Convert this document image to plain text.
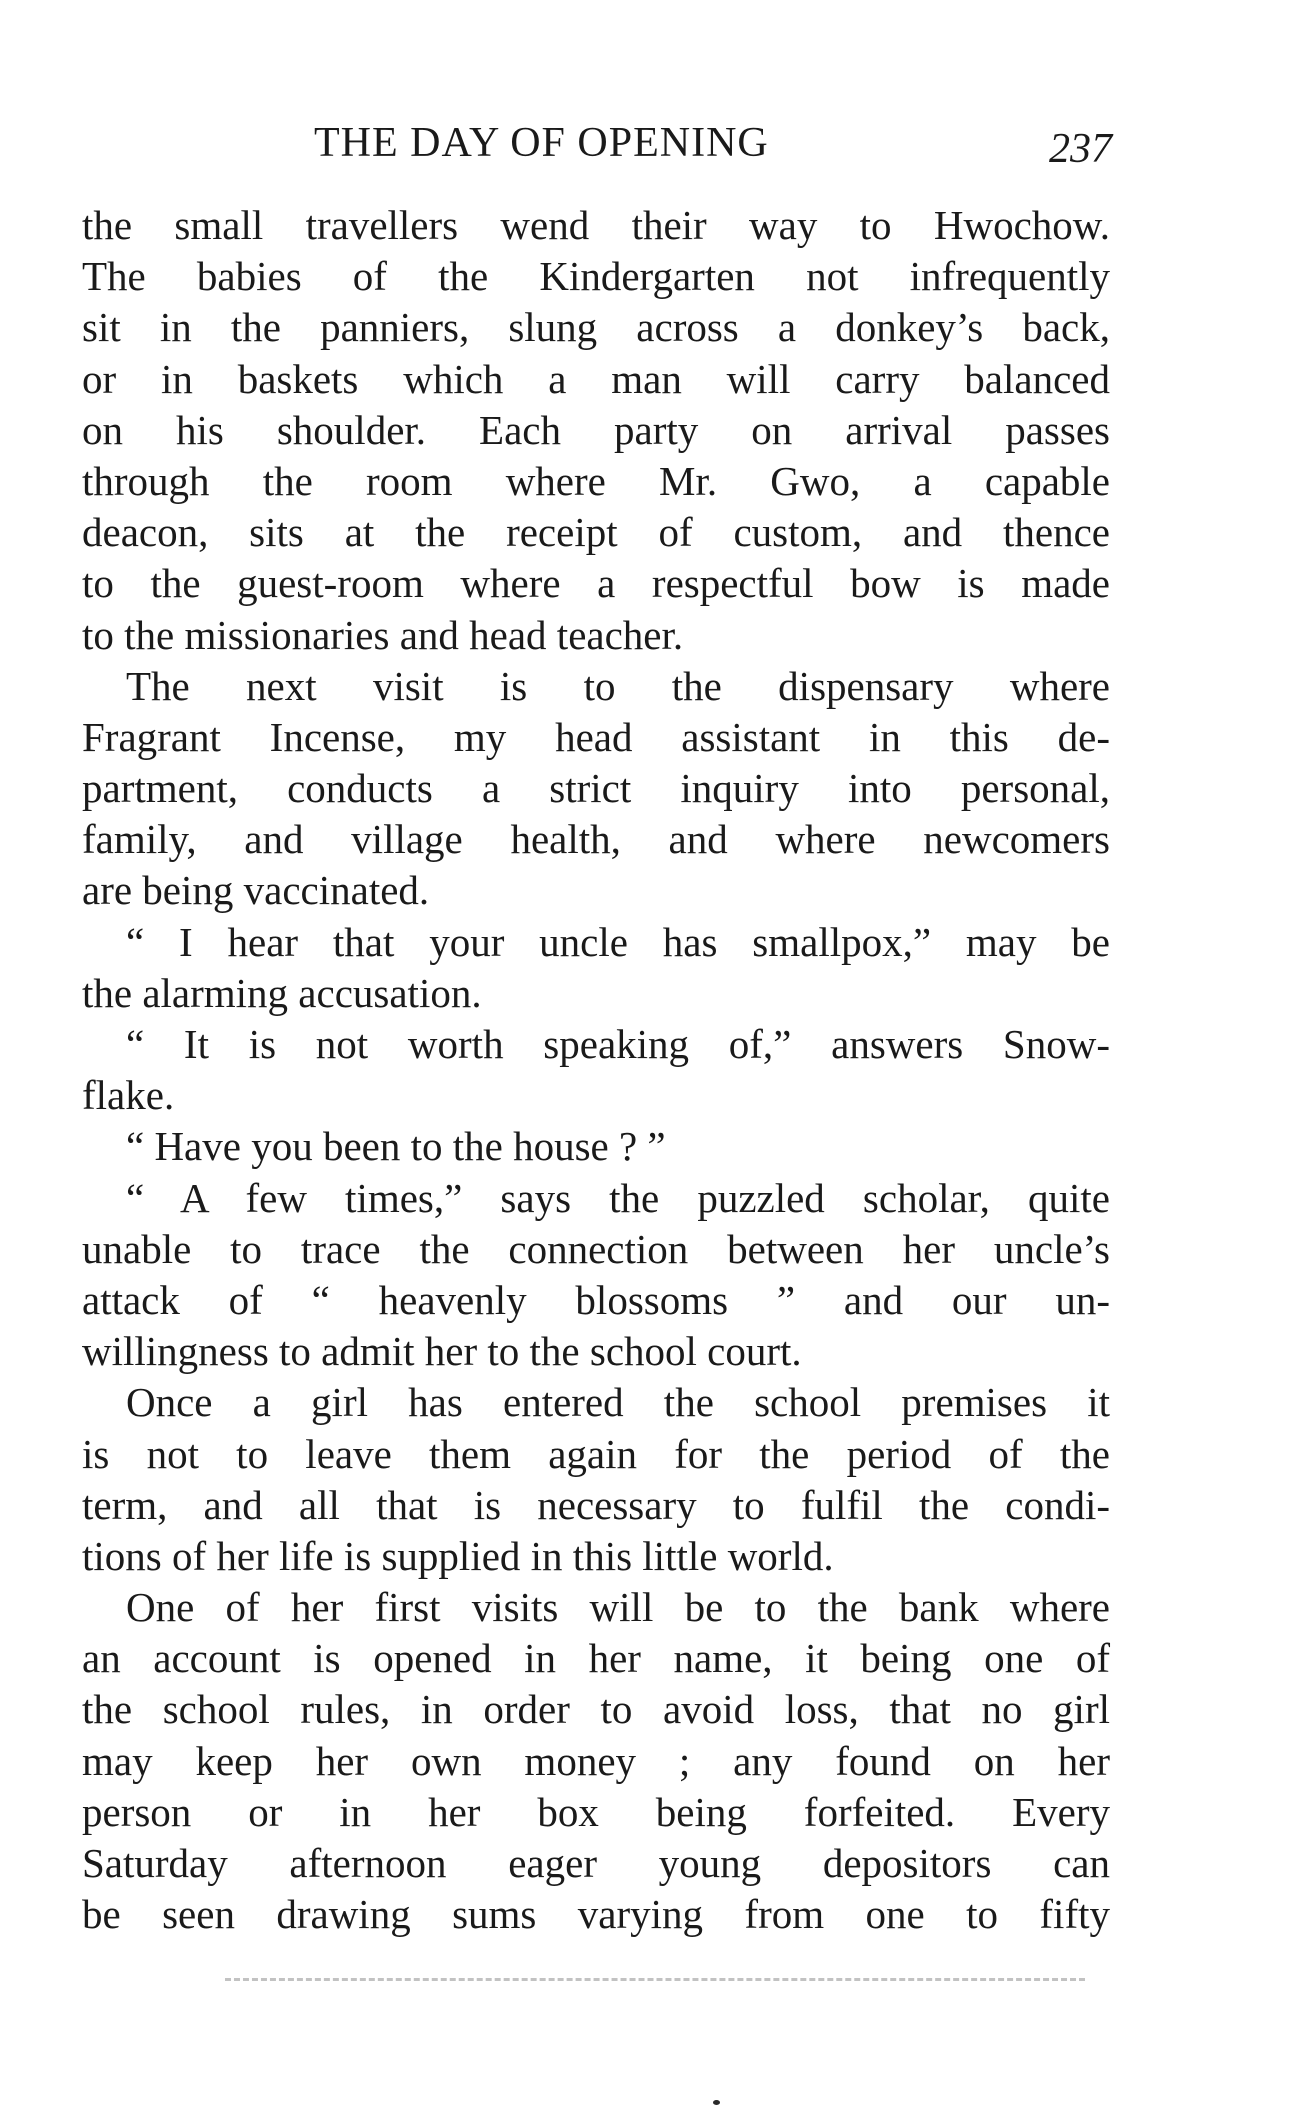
THE DAY OF OPENING	237
the small travellers wend their way to Hwochow.
The babies of the Kindergarten not infrequently
sit in the panniers, slung across a donkey’s back,
or in baskets which a man will carry balanced
on his shoulder. Each party on arrival passes
through the room where Mr. Gwo, a capable
deacon, sits at the receipt of custom, and thence
to the guest-room where a respectful bow is made
to the missionaries and head teacher.
The next visit is to the dispensary where
Fragrant Incense, my head assistant in this de-
partment, conducts a strict inquiry into personal,
family, and village health, and where newcomers
are being vaccinated.
“ I hear that your uncle has smallpox,” may be
the alarming accusation.
“ It is not worth speaking of,” answers Snow-
flake.
“ Have you been to the house ? ”
“ A few times,” says the puzzled scholar, quite
unable to trace the connection between her uncle’s
attack of “ heavenly blossoms ” and our un-
willingness to admit her to the school court.
Once a girl has entered the school premises it
is not to leave them again for the period of the
term, and all that is necessary to fulfil the condi-
tions of her life is supplied in this little world.
One of her first visits will be to the bank where
an account is opened in her name, it being one of
the school rules, in order to avoid loss, that no girl
may keep her own money ; any found on her
person or in her box being forfeited. Every
Saturday afternoon eager young depositors can
be seen drawing sums varying from one to fifty
